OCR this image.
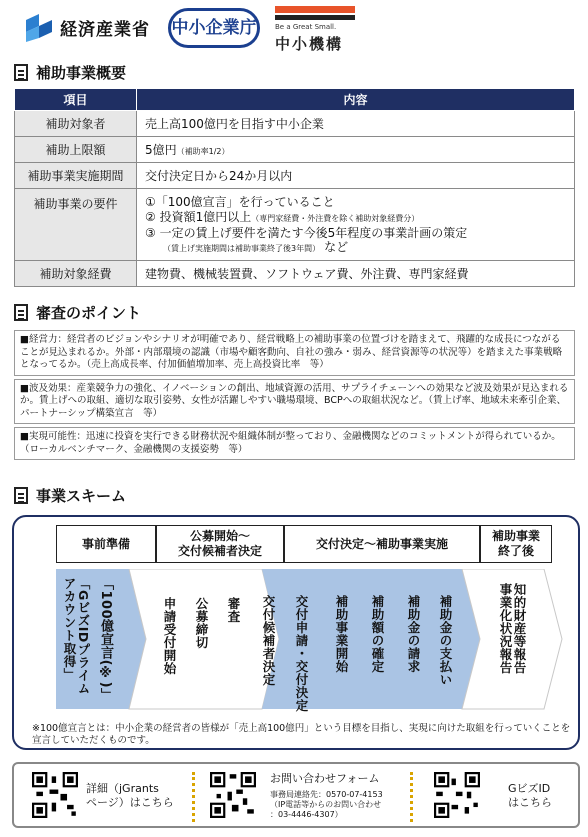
経済産業省 中小企業庁	Be a Great Small.
中小機構
補助事業概要
項目	内容
補助対象者	売上高100億円を目指す中小企業
補助上限額	5億円（補助率1/2）
補助事業実施期間	交付決定日から24か月以内
補助事業の要件	①「100億宣言」を行っていること
② 投資額1億円以上（専門家経費・外注費を除く補助対象経費分）
③ 一定の賃上げ要件を満たす今後5年程度の事業計画の策定
（賃上げ実施期間は補助事業終了後3年間）　 など

補助対象経費	建物費、機械装置費、ソフトウェア費、外注費、専門家経費
審査のポイント
■経営力：経営者のビジョンやシナリオが明確であり、経営戦略上の補助事業の位置づけを踏まえて、飛躍的な成長につながることが見込まれるか。外部・内部環境の認識（市場や顧客動向、自社の強み・弱み、経営資源等の状況等）を踏まえた事業戦略となってるか。（売上高成長率、付加価値増加率、売上高投資比率　等）
■波及効果：産業競争力の強化、イノベーションの創出、地域資源の活用、サプライチェーンへの効果など波及効果が見込まれるか。賃上げへの取組、適切な取引姿勢、女性が活躍しやすい職場環境、BCPへの取組状況など。（賃上げ率、地域未来牽引企業、パートナーシップ構築宣言　等）
■実現可能性：迅速に投資を実行できる財務状況や組織体制が整っており、金融機関などのコミットメントが得られているか。（ローカルベンチマーク、金融機関の支援姿勢　等）
事業スキーム
事前準備
公募開始～
交付候補者決定
交付決定～補助事業実施
補助事業
終了後
「GビズIDプライム
アカウント取得」	「100億宣言(※)」	申請受付開始 公募締切 審査 交付候補者決定 交付申請・交付決定 補助事業開始 補助額の確定 補助金の請求 補助金の支払い	知的財産等報告
事業化状況報告
※100億宣言とは：中小企業の経営者の皆様が「売上高100億円」という目標を目指し、実現に向けた取組を行っていくことを宣言していただくものです。
詳細（jGrants
ページ）はこちら
お問い合わせフォーム
事務局連絡先：0570-07-4153
（IP電話等からのお問い合わせ
：03-4446-4307）
GビズID
はこちら
